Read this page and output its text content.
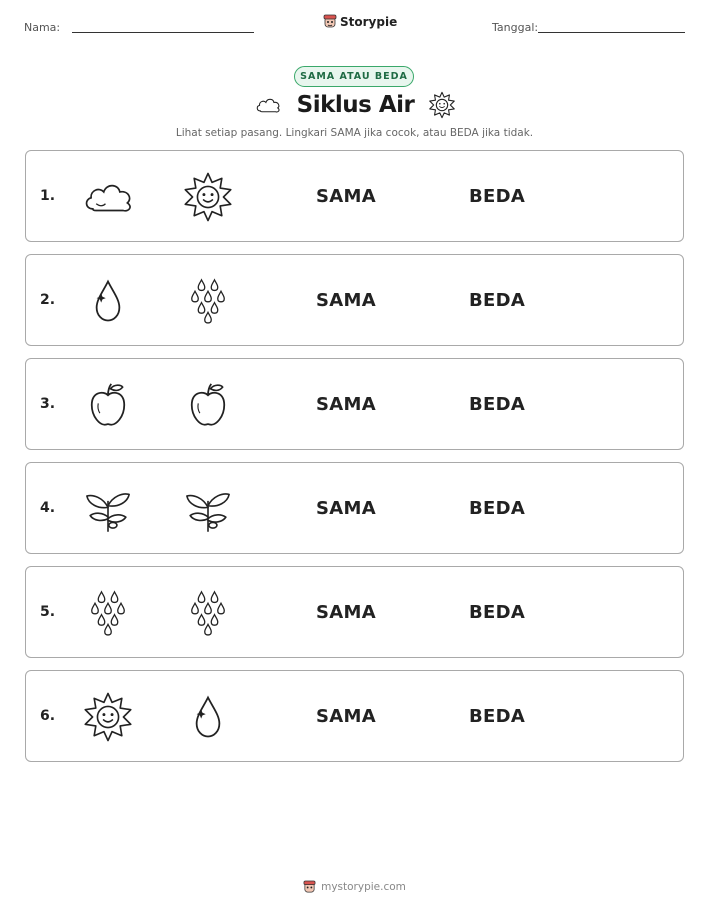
Nama:	Storypie	Tanggal:
SAMA ATAU BEDA
Siklus Air
Lihat setiap pasang. Lingkari SAMA jika cocok, atau BEDA jika tidak.
1.	SAMA	BEDA
2.	SAMA	BEDA
3.	SAMA	BEDA
4.	SAMA	BEDA
5.	SAMA	BEDA
6.	SAMA	BEDA
mystorypie.com
